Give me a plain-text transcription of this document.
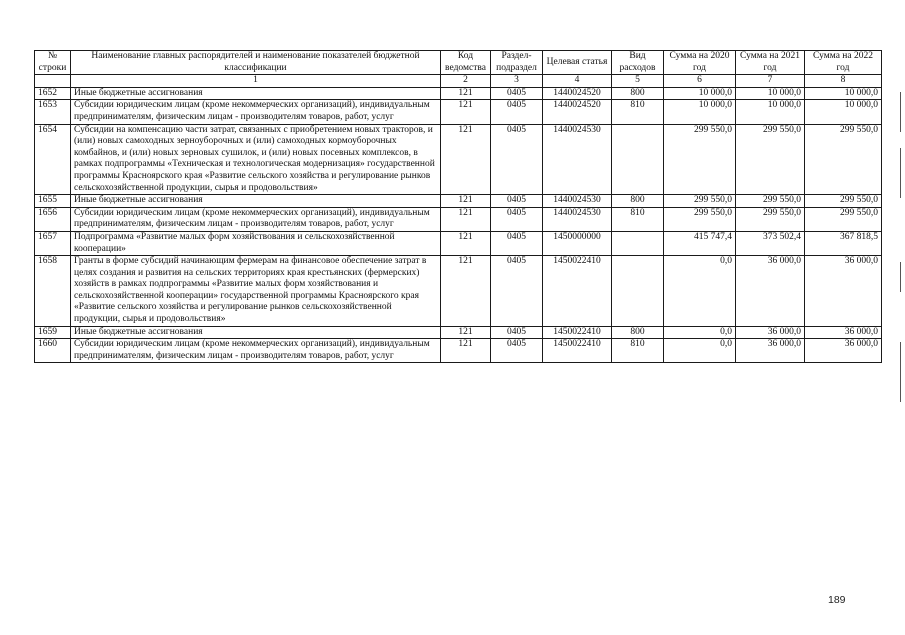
№ строки	Наименование главных распорядителей и наименование показателей бюджетной классификации	Код ведомства	Раздел-подраздел	Целевая статья	Вид расходов	Сумма на 2020 год	Сумма на 2021 год	Сумма на 2022 год
	1	2	3	4	5	6	7	8
1652	Иные бюджетные ассигнования	121	0405	1440024520	800	10 000,0	10 000,0	10 000,0
1653	Субсидии юридическим лицам (кроме некоммерческих организаций), индивидуальным предпринимателям, физическим лицам - производителям товаров, работ, услуг	121	0405	1440024520	810	10 000,0	10 000,0	10 000,0
1654	Субсидии на компенсацию части затрат, связанных с приобретением новых тракторов, и (или) новых самоходных зерноуборочных и (или) самоходных кормоуборочных комбайнов, и (или) новых зерновых сушилок, и (или) новых посевных комплексов, в рамках подпрограммы «Техническая и технологическая модернизация» государственной программы Красноярского края «Развитие сельского хозяйства и регулирование рынков сельскохозяйственной продукции, сырья и продовольствия»	121	0405	1440024530		299 550,0	299 550,0	299 550,0
1655	Иные бюджетные ассигнования	121	0405	1440024530	800	299 550,0	299 550,0	299 550,0
1656	Субсидии юридическим лицам (кроме некоммерческих организаций), индивидуальным предпринимателям, физическим лицам - производителям товаров, работ, услуг	121	0405	1440024530	810	299 550,0	299 550,0	299 550,0
1657	Подпрограмма «Развитие малых форм хозяйствования и сельскохозяйственной кооперации»	121	0405	1450000000		415 747,4	373 502,4	367 818,5
1658	Гранты в форме субсидий начинающим фермерам на финансовое обеспечение затрат в целях создания и развития на сельских территориях края крестьянских (фермерских) хозяйств в рамках подпрограммы «Развитие малых форм хозяйствования и сельскохозяйственной кооперации» государственной программы Красноярского края «Развитие сельского хозяйства и регулирование рынков сельскохозяйственной продукции, сырья и продовольствия»	121	0405	1450022410		0,0	36 000,0	36 000,0
1659	Иные бюджетные ассигнования	121	0405	1450022410	800	0,0	36 000,0	36 000,0
1660	Субсидии юридическим лицам (кроме некоммерческих организаций), индивидуальным предпринимателям, физическим лицам - производителям товаров, работ, услуг	121	0405	1450022410	810	0,0	36 000,0	36 000,0
189
